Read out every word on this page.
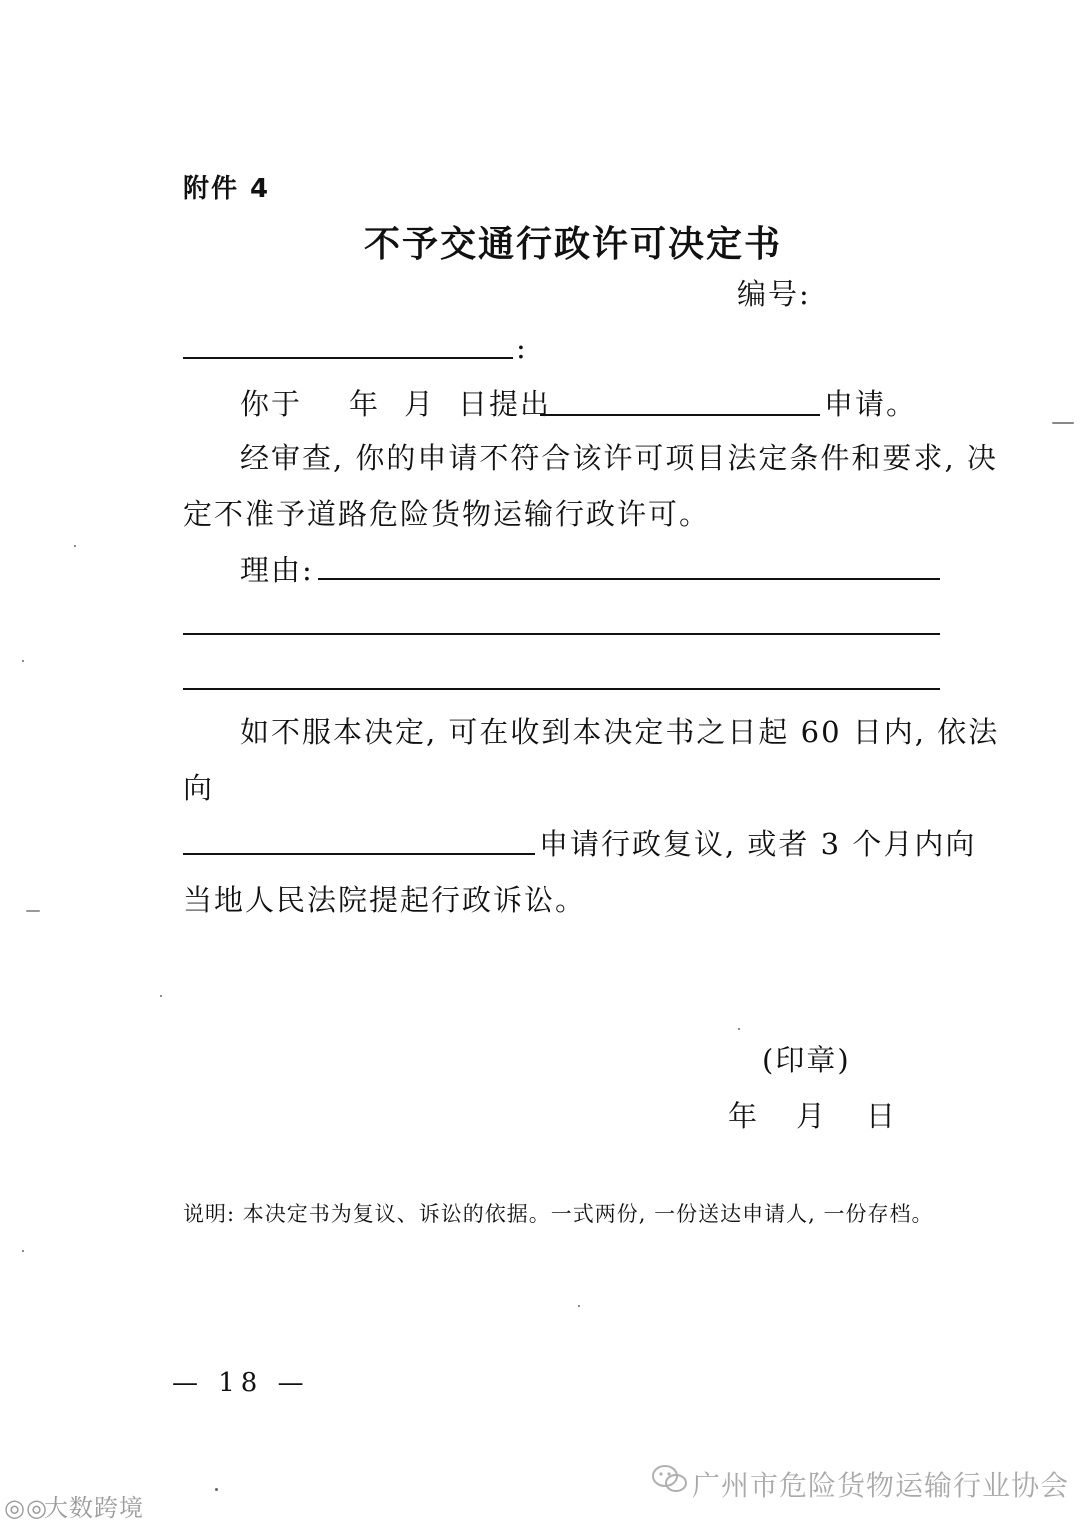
附件 4
不予交通行政许可决定书
编号:
:
你于 年 月 日提出	申请。
经审查, 你的申请不符合该许可项目法定条件和要求, 决
定不准予道路危险货物运输行政许可。
理由:
如不服本决定, 可在收到本决定书之日起 60 日内, 依法
向
申请行政复议, 或者 3 个月内向
当地人民法院提起行政诉讼。
(印章)
年 月 日
说明: 本决定书为复议、诉讼的依据。一式两份, 一份送达申请人, 一份存档。
— 18 —
广州市危险货物运输行业协会
◎◎大数跨境
